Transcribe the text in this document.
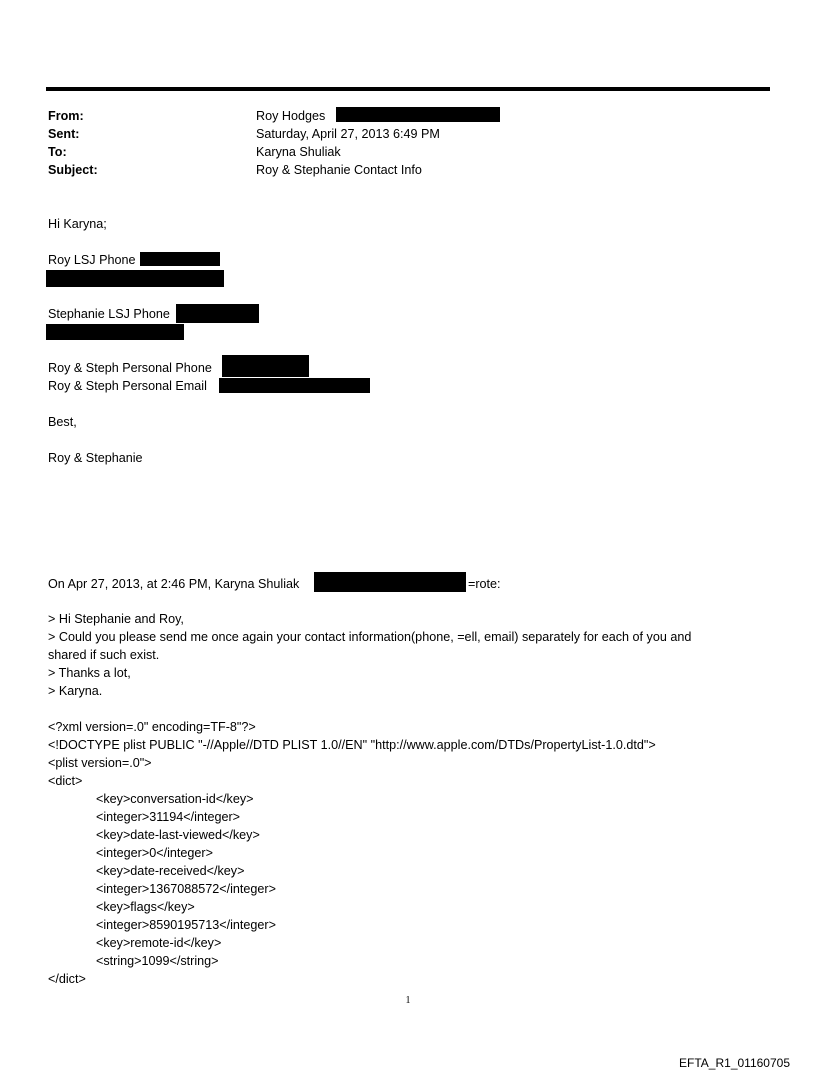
From:	Roy Hodges
Sent:	Saturday, April 27, 2013 6:49 PM
To:	Karyna Shuliak
Subject:	Roy & Stephanie Contact Info
Hi Karyna;
Roy LSJ Phone
Stephanie LSJ Phone
Roy & Steph Personal Phone
Roy & Steph Personal Email
Best,
Roy & Stephanie
On Apr 27, 2013, at 2:46 PM, Karyna Shuliak	=rote:
> Hi Stephanie and Roy,
> Could you please send me once again your contact information(phone, =ell, email) separately for each of you and
shared if such exist.
> Thanks a lot,
> Karyna.
<?xml version=.0" encoding=TF-8"?>
<!DOCTYPE plist PUBLIC "-//Apple//DTD PLIST 1.0//EN" "http://www.apple.com/DTDs/PropertyList-1.0.dtd">
<plist version=.0">
<dict>
<key>conversation-id</key>
<integer>31194</integer>
<key>date-last-viewed</key>
<integer>0</integer>
<key>date-received</key>
<integer>1367088572</integer>
<key>flags</key>
<integer>8590195713</integer>
<key>remote-id</key>
<string>1099</string>
</dict>
1
EFTA_R1_01160705
